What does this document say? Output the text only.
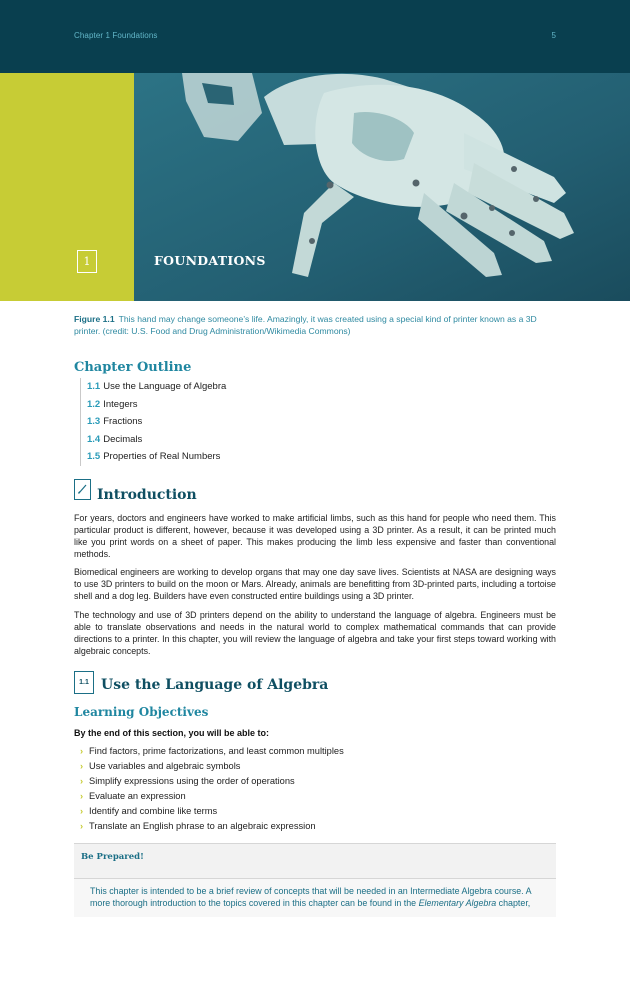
Chapter 1 Foundations	5
1	FOUNDATIONS
Figure 1.1 This hand may change someone’s life. Amazingly, it was created using a special kind of printer known as a 3D printer. (credit: U.S. Food and Drug Administration/Wikimedia Commons)
Chapter Outline
1.1 Use the Language of Algebra
1.2 Integers
1.3 Fractions
1.4 Decimals
1.5 Properties of Real Numbers
Introduction

For years, doctors and engineers have worked to make artificial limbs, such as this hand for people who need them. This particular product is different, however, because it was developed using a 3D printer. As a result, it can be printed much like you print words on a sheet of paper. This makes producing the limb less expensive and faster than conventional methods.

Biomedical engineers are working to develop organs that may one day save lives. Scientists at NASA are designing ways to use 3D printers to build on the moon or Mars. Already, animals are benefitting from 3D-printed parts, including a tortoise shell and a dog leg. Builders have even constructed entire buildings using a 3D printer.

The technology and use of 3D printers depend on the ability to understand the language of algebra. Engineers must be able to translate observations and needs in the natural world to complex mathematical commands that can provide directions to a printer. In this chapter, you will review the language of algebra and take your first steps toward working with algebraic concepts.

1.1 Use the Language of Algebra
Learning Objectives
By the end of this section, you will be able to:
› Find factors, prime factorizations, and least common multiples
› Use variables and algebraic symbols
› Simplify expressions using the order of operations
› Evaluate an expression
› Identify and combine like terms
› Translate an English phrase to an algebraic expression
Be Prepared!

This chapter is intended to be a brief review of concepts that will be needed in an Intermediate Algebra course. A more thorough introduction to the topics covered in this chapter can be found in the Elementary Algebra chapter,
